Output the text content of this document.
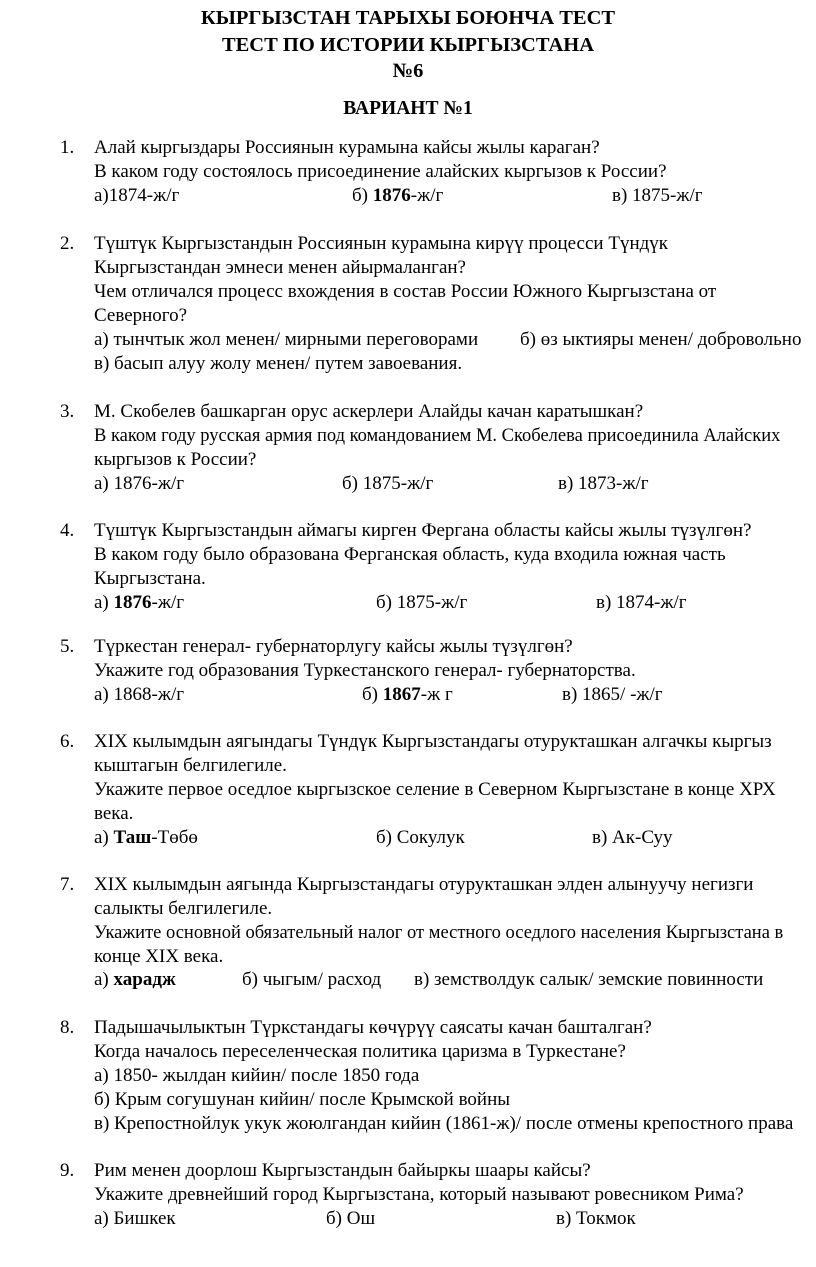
КЫРГЫЗСТАН ТАРЫХЫ БОЮНЧА ТЕСТ
ТЕСТ ПО ИСТОРИИ КЫРГЫЗСТАНА
№6
ВАРИАНТ №1
1. Алай кыргыздары Россиянын курамына кайсы жылы караган?
В каком году состоялось присоединение алайских кыргызов к России?
а)1874-ж/г	б) 1876-ж/г	в) 1875-ж/г
2. Түштүк Кыргызстандын Россиянын курамына кирүү процесси Түндүк
Кыргызстандан эмнеси менен айырмаланган?
Чем отличался процесс вхождения в состав России Южного Кыргызстана от
Северного?
а) тынчтык жол менен/ мирными переговорами б) өз ыктияры менен/ добровольно
в) басып алуу жолу менен/ путем завоевания.
3. М. Скобелев башкарган орус аскерлери Алайды качан каратышкан?
В каком году русская армия под командованием М. Скобелева присоединила Алайских
кыргызов к России?
а) 1876-ж/г	б) 1875-ж/г	в) 1873-ж/г
4. Түштүк Кыргызстандын аймагы кирген Фергана областы кайсы жылы түзүлгөн?
В каком году было образована Ферганская область, куда входила южная часть
Кыргызстана.
а) 1876-ж/г	б) 1875-ж/г	в) 1874-ж/г
5. Түркестан генерал- губернаторлугу кайсы жылы түзүлгөн?
Укажите год образования Туркестанского генерал- губернаторства.
а) 1868-ж/г	б) 1867-ж г	в) 1865/ -ж/г
6. XIX кылымдын аягындагы Түндүк Кыргызстандагы отурукташкан алгачкы кыргыз
кыштагын белгилегиле.
Укажите первое оседлое кыргызское селение в Северном Кыргызстане в конце ХРХ
века.
а) Таш-Төбө	б) Сокулук	в) Ак-Суу
7. XIX кылымдын аягында Кыргызстандагы отурукташкан элден алынуучу негизги
салыкты белгилегиле.
Укажите основной обязательный налог от местного оседлого населения Кыргызстана в
конце XIX века.
а) харадж	б) чыгым/ расход в) земстволдук салык/ земские повинности
8. Падышачылыктын Түркстандагы көчүрүү саясаты качан башталган?
Когда началось переселенческая политика царизма в Туркестане?
а) 1850- жылдан кийин/ после 1850 года
б) Крым согушунан кийин/ после Крымской войны
в) Крепостнойлук укук жоюлгандан кийин (1861-ж)/ после отмены крепостного права
9. Рим менен доорлош Кыргызстандын байыркы шаары кайсы?
Укажите древнейший город Кыргызстана, который называют ровесником Рима?
а) Бишкек	б) Ош	в) Токмок
